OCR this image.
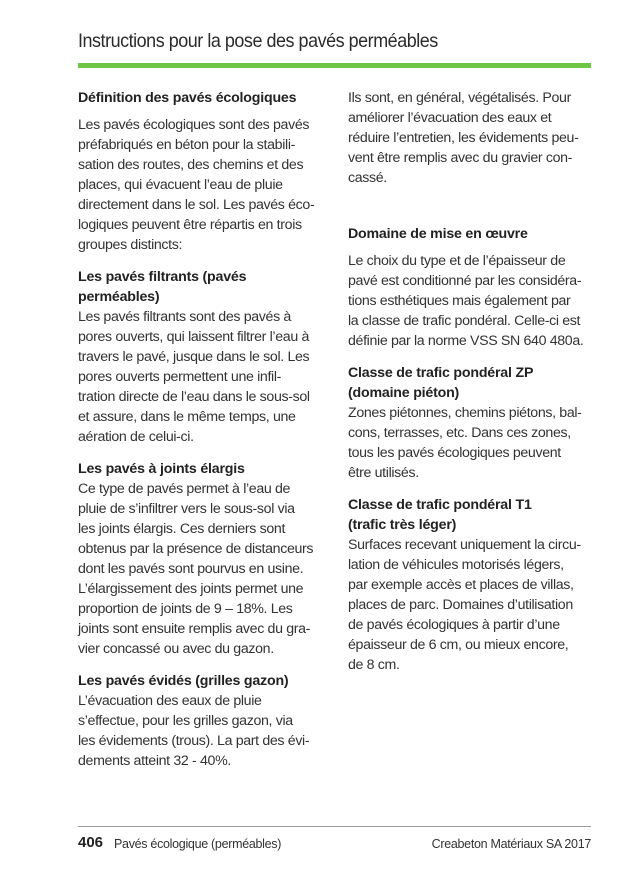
Instructions pour la pose des pavés perméables
Définition des pavés écologiques

Les pavés écologiques sont des pavés
préfabriqués en béton pour la stabili-
sation des routes, des chemins et des
places, qui évacuent l’eau de pluie
directement dans le sol. Les pavés éco-
logiques peuvent être répartis en trois
groupes distincts:

Les pavés filtrants (pavés
perméables)

Les pavés filtrants sont des pavés à
pores ouverts, qui laissent filtrer l’eau à
travers le pavé, jusque dans le sol. Les
pores ouverts permettent une infil-
tration directe de l’eau dans le sous-sol
et assure, dans le même temps, une
aération de celui-ci.

Les pavés à joints élargis

Ce type de pavés permet à l’eau de
pluie de s’infiltrer vers le sous-sol via
les joints élargis. Ces derniers sont
obtenus par la présence de distanceurs
dont les pavés sont pourvus en usine.
L’élargissement des joints permet une
proportion de joints de 9 – 18%. Les
joints sont ensuite remplis avec du gra-
vier concassé ou avec du gazon.

Les pavés évidés (grilles gazon)

L’évacuation des eaux de pluie
s’effectue, pour les grilles gazon, via
les évidements (trous). La part des évi-
dements atteint 32 - 40%.

Ils sont, en général, végétalisés. Pour
améliorer l’évacuation des eaux et
réduire l’entretien, les évidements peu-
vent être remplis avec du gravier con-
cassé.

Domaine de mise en œuvre

Le choix du type et de l’épaisseur de
pavé est conditionné par les considéra-
tions esthétiques mais également par
la classe de trafic pondéral. Celle-ci est
définie par la norme VSS SN 640 480a.

Classe de trafic pondéral ZP
(domaine piéton)

Zones piétonnes, chemins piétons, bal-
cons, terrasses, etc. Dans ces zones,
tous les pavés écologiques peuvent
être utilisés.

Classe de trafic pondéral T1
(trafic très léger)

Surfaces recevant uniquement la circu-
lation de véhicules motorisés légers,
par exemple accès et places de villas,
places de parc. Domaines d’utilisation
de pavés écologiques à partir d’une
épaisseur de 6 cm, ou mieux encore,
de 8 cm.

406 Pavés écologique (perméables)	Creabeton Matériaux SA 2017
